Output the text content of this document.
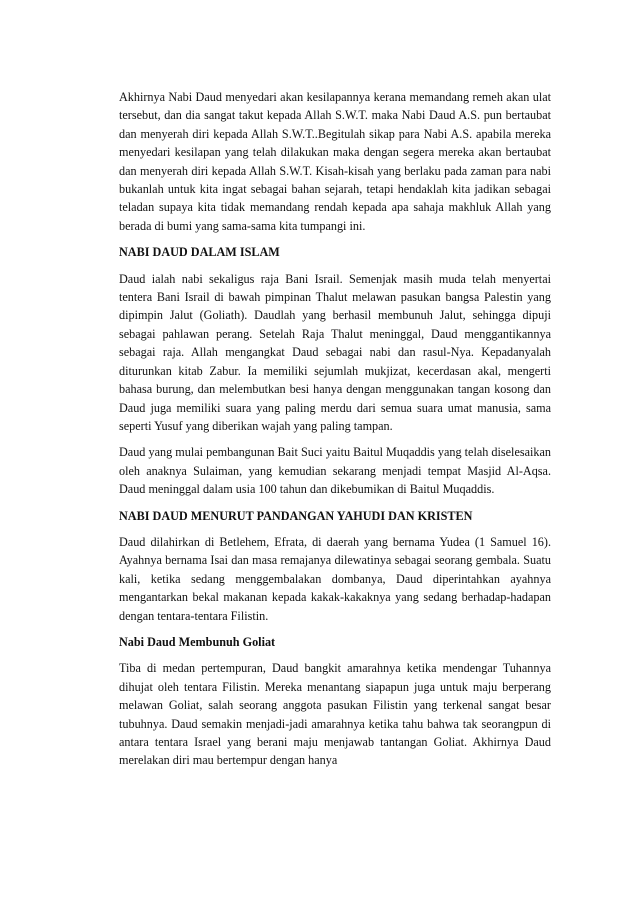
Akhirnya Nabi Daud menyedari akan kesilapannya kerana memandang remeh akan ulat tersebut, dan dia sangat takut kepada Allah S.W.T. maka Nabi Daud A.S. pun bertaubat dan menyerah diri kepada Allah S.W.T..Begitulah sikap para Nabi A.S. apabila mereka menyedari kesilapan yang telah dilakukan maka dengan segera mereka akan bertaubat dan menyerah diri kepada Allah S.W.T. Kisah-kisah yang berlaku pada zaman para nabi bukanlah untuk kita ingat sebagai bahan sejarah, tetapi hendaklah kita jadikan sebagai teladan supaya kita tidak memandang rendah kepada apa sahaja makhluk Allah yang berada di bumi yang sama-sama kita tumpangi ini.

NABI DAUD DALAM ISLAM

Daud ialah nabi sekaligus raja Bani Israil. Semenjak masih muda telah menyertai tentera Bani Israil di bawah pimpinan Thalut melawan pasukan bangsa Palestin yang dipimpin Jalut (Goliath). Daudlah yang berhasil membunuh Jalut, sehingga dipuji sebagai pahlawan perang. Setelah Raja Thalut meninggal, Daud menggantikannya sebagai raja. Allah mengangkat Daud sebagai nabi dan rasul-Nya. Kepadanyalah diturunkan kitab Zabur. Ia memiliki sejumlah mukjizat, kecerdasan akal, mengerti bahasa burung, dan melembutkan besi hanya dengan menggunakan tangan kosong dan Daud juga memiliki suara yang paling merdu dari semua suara umat manusia, sama seperti Yusuf yang diberikan wajah yang paling tampan.

Daud yang mulai pembangunan Bait Suci yaitu Baitul Muqaddis yang telah diselesaikan oleh anaknya Sulaiman, yang kemudian sekarang menjadi tempat Masjid Al-Aqsa. Daud meninggal dalam usia 100 tahun dan dikebumikan di Baitul Muqaddis.

NABI DAUD MENURUT PANDANGAN YAHUDI DAN KRISTEN

Daud dilahirkan di Betlehem, Efrata, di daerah yang bernama Yudea (1 Samuel 16). Ayahnya bernama Isai dan masa remajanya dilewatinya sebagai seorang gembala. Suatu kali, ketika sedang menggembalakan dombanya, Daud diperintahkan ayahnya mengantarkan bekal makanan kepada kakak-kakaknya yang sedang berhadap-hadapan dengan tentara-tentara Filistin.

Nabi Daud Membunuh Goliat

Tiba di medan pertempuran, Daud bangkit amarahnya ketika mendengar Tuhannya dihujat oleh tentara Filistin. Mereka menantang siapapun juga untuk maju berperang melawan Goliat, salah seorang anggota pasukan Filistin yang terkenal sangat besar tubuhnya. Daud semakin menjadi-jadi amarahnya ketika tahu bahwa tak seorangpun di antara tentara Israel yang berani maju menjawab tantangan Goliat. Akhirnya Daud merelakan diri mau bertempur dengan hanya
